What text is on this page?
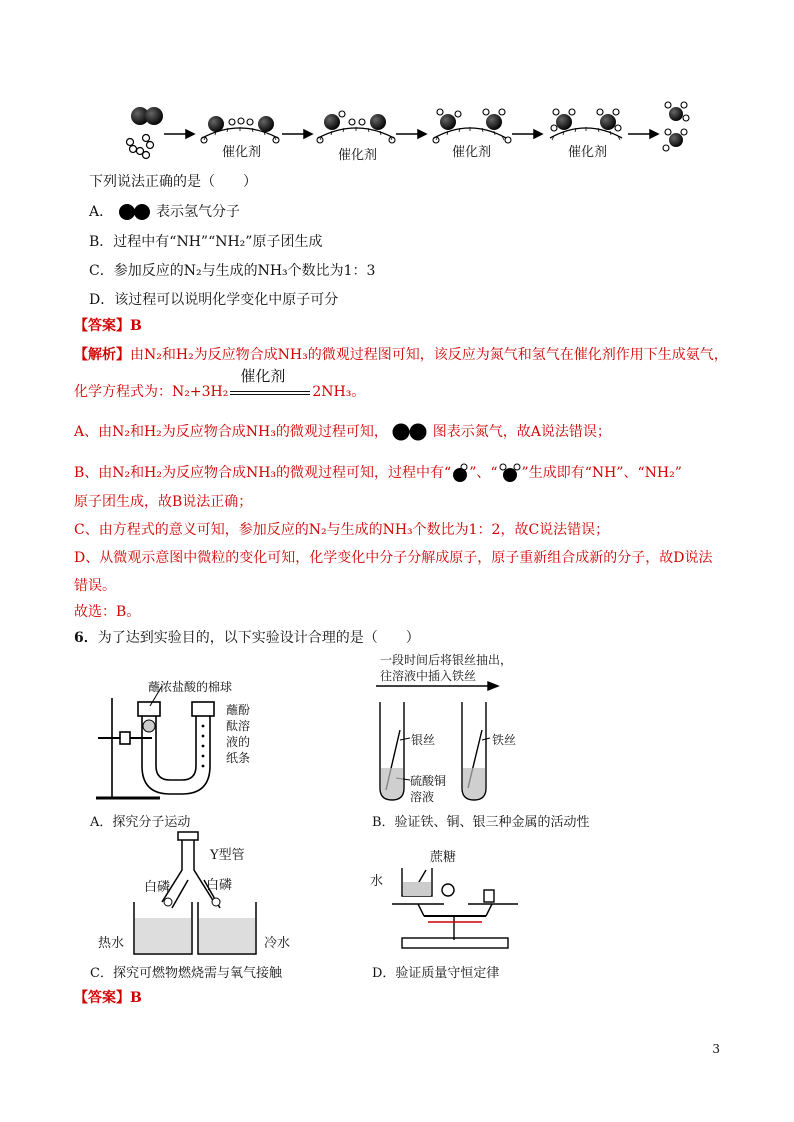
催化剂	催化剂	催化剂	催化剂
下列说法正确的是（　　）
A．	表示氢气分子
B．过程中有“NH”“NH₂”原子团生成
C．参加反应的N₂与生成的NH₃个数比为1：3
D．该过程可以说明化学变化中原子可分
【答案】B
【解析】由N₂和H₂为反应物合成NH₃的微观过程图可知，该反应为氮气和氢气在催化剂作用下生成氨气，
化学方程式为：N₂+3H₂
催化剂
2NH₃。
A、由N₂和H₂为反应物合成NH₃的微观过程可知，	图表示氮气，故A说法错误；
B、由N₂和H₂为反应物合成NH₃的微观过程可知，过程中有“ ”、“ ”生成即有“NH”、“NH₂”
原子团生成，故B说法正确；
C、由方程式的意义可知，参加反应的N₂与生成的NH₃个数比为1：2，故C说法错误；
D、从微观示意图中微粒的变化可知，化学变化中分子分解成原子，原子重新组合成新的分子，故D说法
错误。
故选：B。
6．为了达到实验目的，以下实验设计合理的是（　　）
蘸浓盐酸的棉球
蘸酚
酞溶
液的
纸条
A．探究分子运动
一段时间后将银丝抽出，
往溶液中插入铁丝
银丝	铁丝
硫酸铜
溶液
B．验证铁、铜、银三种金属的活动性
Y型管
白磷	白磷
热水	冷水
C．探究可燃物燃烧需与氧气接触
蔗糖
水
D．验证质量守恒定律
【答案】B
3
